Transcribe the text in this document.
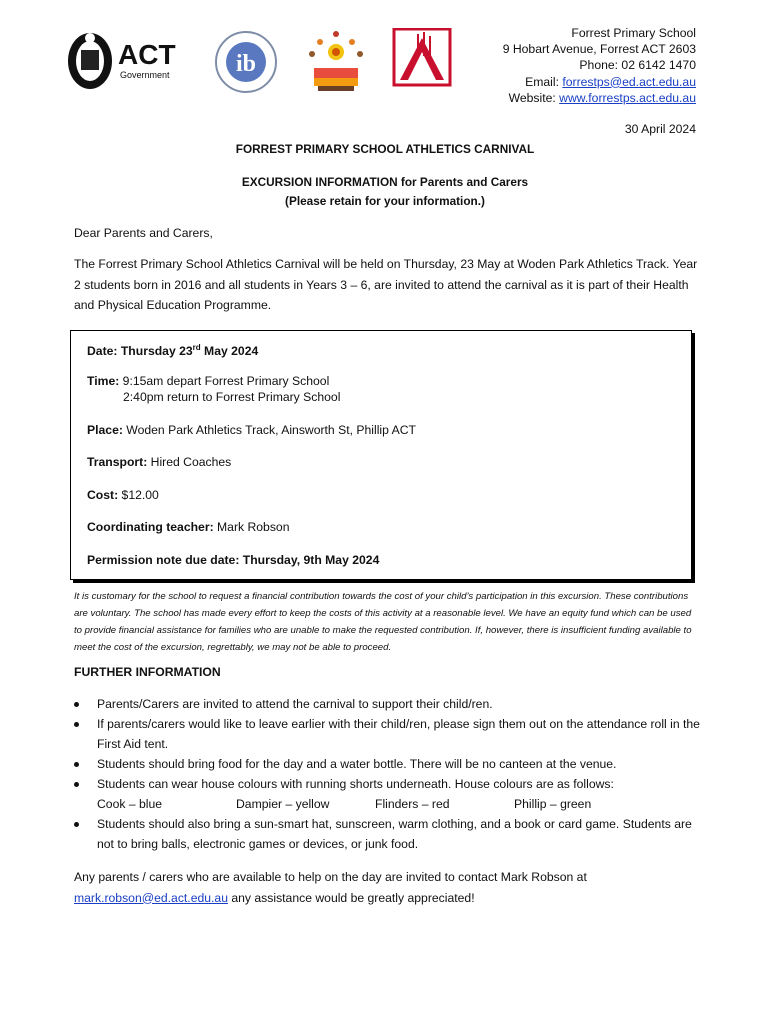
ACT
Government	ib
Forrest Primary School
9 Hobart Avenue, Forrest ACT 2603
Phone: 02 6142 1470
Email: forrestps@ed.act.edu.au
Website: www.forrestps.act.edu.au
30 April 2024
FORREST PRIMARY SCHOOL ATHLETICS CARNIVAL
EXCURSION INFORMATION for Parents and Carers
(Please retain for your information.)
Dear Parents and Carers,
The Forrest Primary School Athletics Carnival will be held on Thursday, 23 May at Woden Park Athletics Track. Year 2 students born in 2016 and all students in Years 3 – 6, are invited to attend the carnival as it is part of their Health and Physical Education Programme.
Date: Thursday 23rd May 2024
Time: 9:15am depart Forrest Primary School
2:40pm return to Forrest Primary School
Place: Woden Park Athletics Track, Ainsworth St, Phillip ACT
Transport: Hired Coaches
Cost: $12.00
Coordinating teacher: Mark Robson
Permission note due date: Thursday, 9th May 2024
It is customary for the school to request a financial contribution towards the cost of your child’s participation in this excursion. These contributions are voluntary. The school has made every effort to keep the costs of this activity at a reasonable level. We have an equity fund which can be used to provide financial assistance for families who are unable to make the requested contribution. If, however, there is insufficient funding available to meet the cost of the excursion, regrettably, we may not be able to proceed.
FURTHER INFORMATION
Parents/Carers are invited to attend the carnival to support their child/ren.
If parents/carers would like to leave earlier with their child/ren, please sign them out on the attendance roll in the First Aid tent.
Students should bring food for the day and a water bottle. There will be no canteen at the venue.
Students can wear house colours with running shorts underneath. House colours are as follows:
Cook – blue	Dampier – yellow	Flinders – red	Phillip – green
Students should also bring a sun-smart hat, sunscreen, warm clothing, and a book or card game. Students are not to bring balls, electronic games or devices, or junk food.
Any parents / carers who are available to help on the day are invited to contact Mark Robson at
mark.robson@ed.act.edu.au any assistance would be greatly appreciated!
